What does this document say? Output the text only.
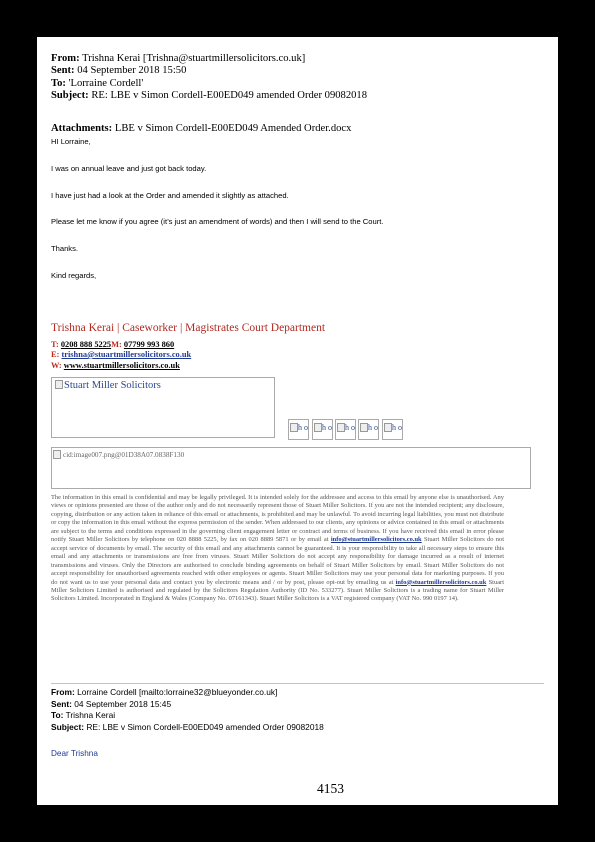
From: Trishna Kerai [Trishna@stuartmillersolicitors.co.uk]
Sent: 04 September 2018 15:50
To: 'Lorraine Cordell'
Subject: RE: LBE v Simon Cordell-E00ED049 amended Order 09082018
Attachments: LBE v Simon Cordell-E00ED049 Amended Order.docx
HI Lorraine,
I was on annual leave and just got back today.
I have just had a look at the Order and amended it slightly as attached.
Please let me know if you agree (it’s just an amendment of words) and then I will send to the Court.
Thanks.
Kind regards,
Trishna Kerai | Caseworker | Magistrates Court Department
T: 0208 888 5225M: 07799 993 860
E: trishna@stuartmillersolicitors.co.uk
W: www.stuartmillersolicitors.co.uk
Stuart Miller Solicitors
h o h o h o h o h o
cid:image007.png@01D38A07.0838F130
The information in this email is confidential and may be legally privileged. It is intended solely for the addressee and access to this email by anyone else is unauthorised. Any views or opinions presented are those of the author only and do not necessarily represent those of Stuart Miller Solicitors. If you are not the intended recipient; any disclosure, copying, distribution or any action taken in reliance of this email or attachments, is prohibited and may be unlawful. To avoid incurring legal liabilities, you must not distribute or copy the information in this email without the express permission of the sender. When addressed to our clients, any opinions or advice contained in this email or attachments are subject to the terms and conditions expressed in the governing client engagement letter or contract and terms of business. If you have received this email in error please notify Stuart Miller Solicitors by telephone on 020 8888 5225, by fax on 020 8889 5871 or by email at info@stuartmillersolicitors.co.uk Stuart Miller Solicitors do not accept service of documents by email. The security of this email and any attachments cannot be guaranteed. It is your responsibility to take all necessary steps to ensure this email and any attachments or transmissions are free from viruses. Stuart Miller Solicitors do not accept any responsibility for damage incurred as a result of internet transmissions and viruses. Only the Directors are authorised to conclude binding agreements on behalf of Stuart Miller Solicitors by email. Stuart Miller Solicitors do not accept responsibility for unauthorised agreements reached with other employees or agents. Stuart Miller Solicitors may use your personal data for marketing purposes. If you do not want us to use your personal data and contact you by electronic means and / or by post, please opt-out by emailing us at info@stuartmillersolicitors.co.uk Stuart Miller Solicitors Limited is authorised and regulated by the Solicitors Regulation Authority (ID No. 533277). Stuart Miller Solicitors is a trading name for Stuart Miller Solicitors Limited. Incorporated in England & Wales (Company No. 07161343). Stuart Miller Solicitors is a VAT registered company (VAT No. 990 0197 14).
From: Lorraine Cordell [mailto:lorraine32@blueyonder.co.uk]
Sent: 04 September 2018 15:45
To: Trishna Kerai
Subject: RE: LBE v Simon Cordell-E00ED049 amended Order 09082018
Dear Trishna
4153
